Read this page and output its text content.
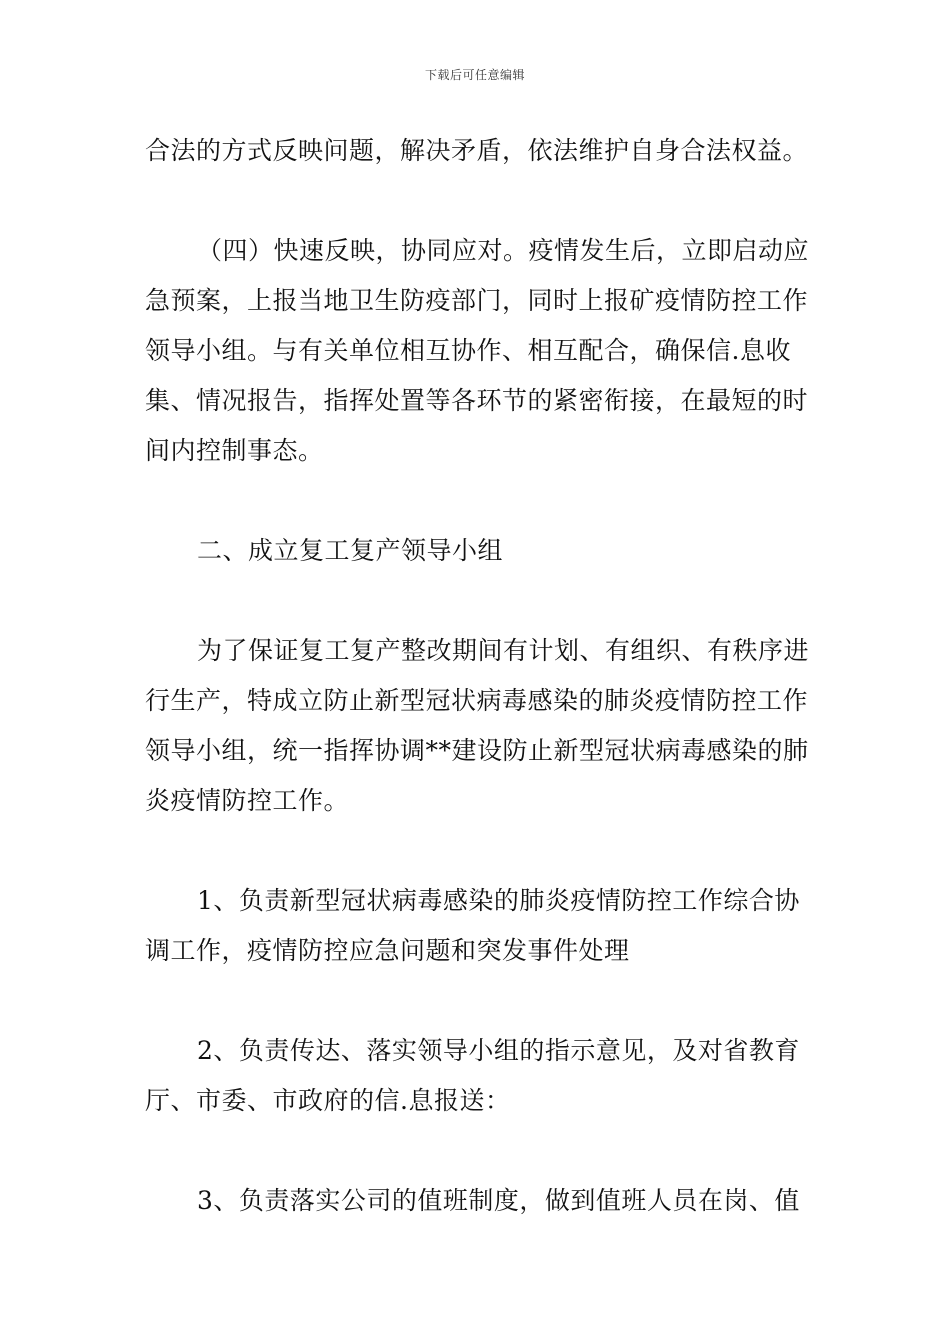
下载后可任意编辑

合法的方式反映问题，解决矛盾，依法维护自身合法权益。

（四）快速反映，协同应对。疫情发生后，立即启动应急预案，上报当地卫生防疫部门，同时上报矿疫情防控工作领导小组。与有关单位相互协作、相互配合，确保信.息收集、情况报告，指挥处置等各环节的紧密衔接，在最短的时间内控制事态。

二、成立复工复产领导小组

为了保证复工复产整改期间有计划、有组织、有秩序进行生产，特成立防止新型冠状病毒感染的肺炎疫情防控工作领导小组，统一指挥协调**建设防止新型冠状病毒感染的肺炎疫情防控工作。

1、负责新型冠状病毒感染的肺炎疫情防控工作综合协调工作，疫情防控应急问题和突发事件处理

2、负责传达、落实领导小组的指示意见，及对省教育厅、市委、市政府的信.息报送：

3、负责落实公司的值班制度，做到值班人员在岗、值
